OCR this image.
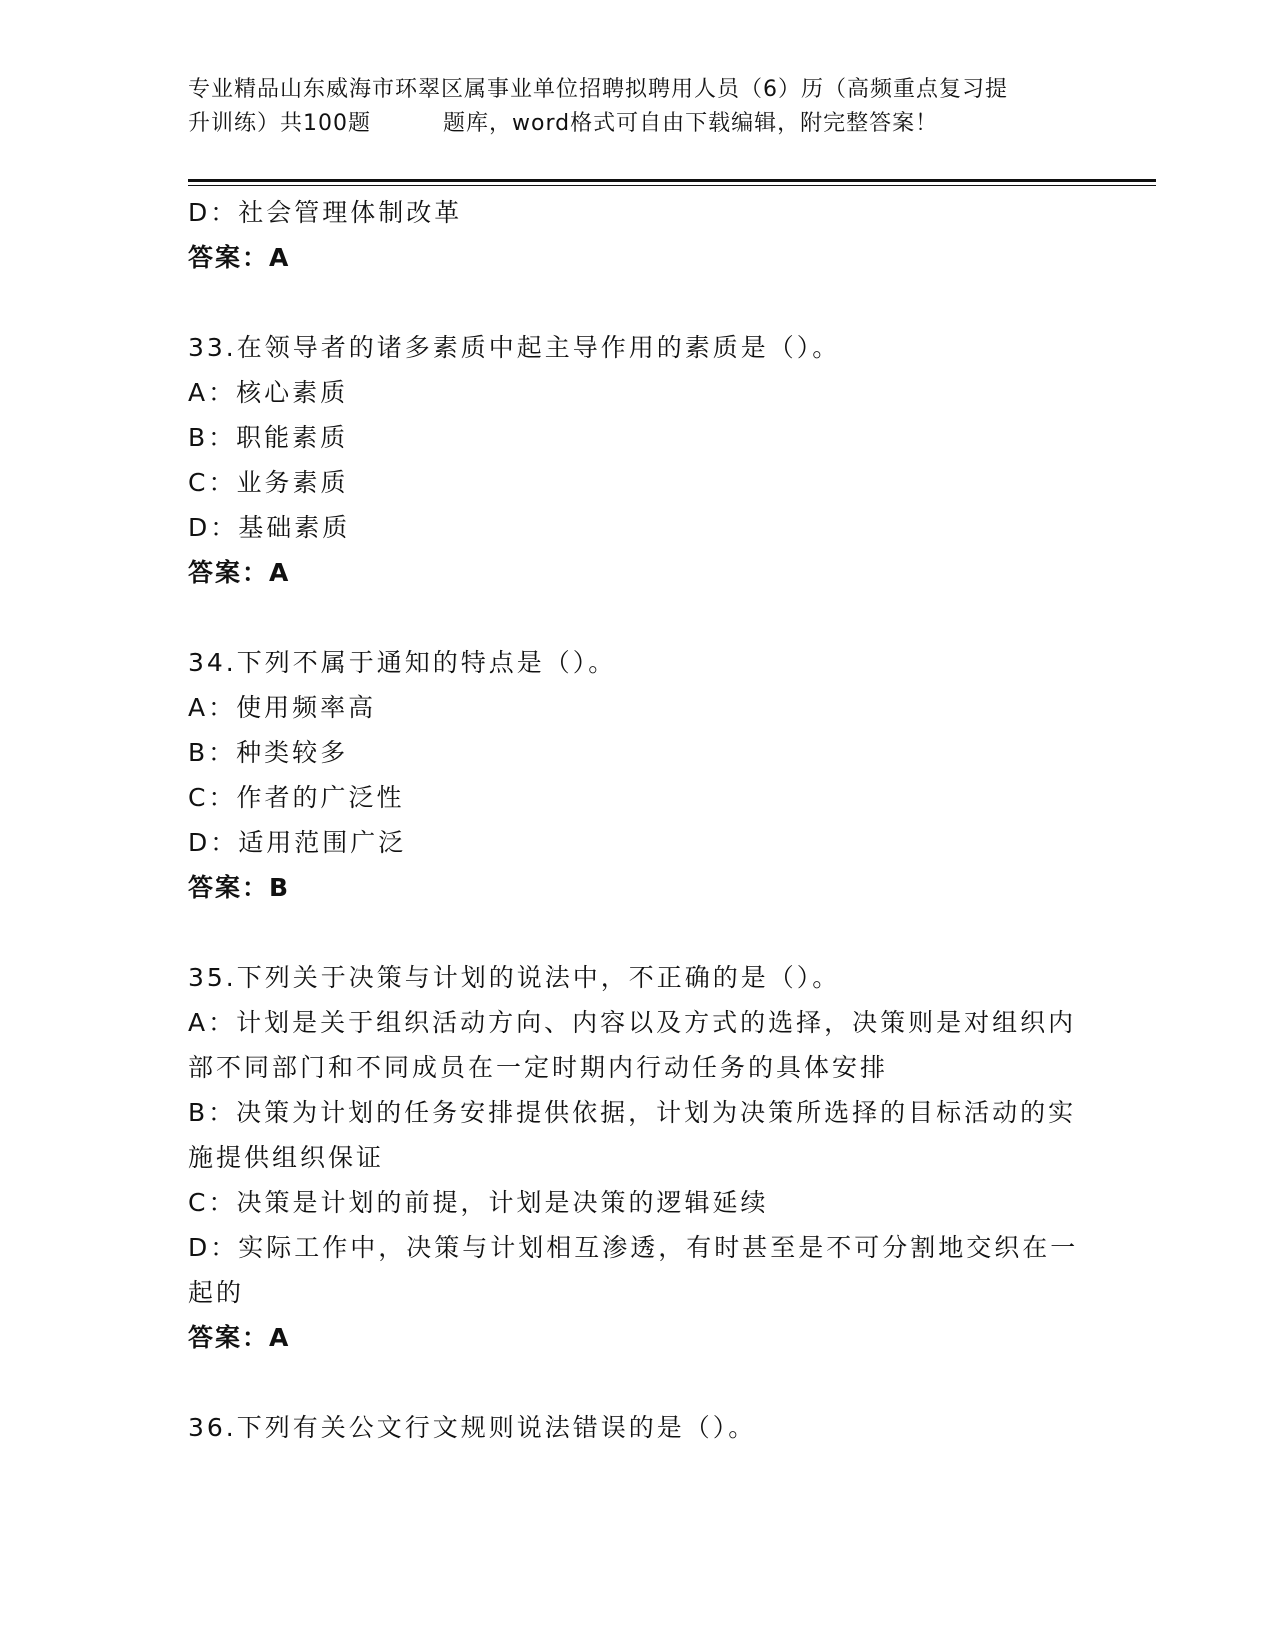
专业精品山东威海市环翠区属事业单位招聘拟聘用人员（6）历（高频重点复习提
升训练）共100题	题库，word格式可自由下载编辑，附完整答案！
D：社会管理体制改革
答案：A
33.在领导者的诸多素质中起主导作用的素质是（）。
A：核心素质
B：职能素质
C：业务素质
D：基础素质
答案：A
34.下列不属于通知的特点是（）。
A：使用频率高
B：种类较多
C：作者的广泛性
D：适用范围广泛
答案：B
35.下列关于决策与计划的说法中，不正确的是（）。
A：计划是关于组织活动方向、内容以及方式的选择，决策则是对组织内部不同部门和不同成员在一定时期内行动任务的具体安排
B：决策为计划的任务安排提供依据，计划为决策所选择的目标活动的实施提供组织保证
C：决策是计划的前提，计划是决策的逻辑延续
D：实际工作中，决策与计划相互渗透，有时甚至是不可分割地交织在一起的
答案：A
36.下列有关公文行文规则说法错误的是（）。
